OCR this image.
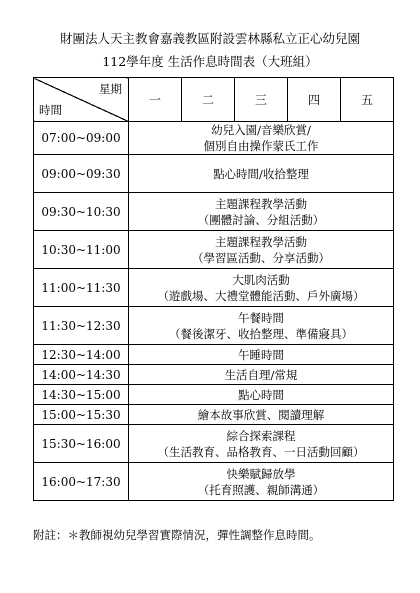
財團法人天主教會嘉義教區附設雲林縣私立正心幼兒園
112學年度 生活作息時間表（大班組）
星期
時間	一	二	三	四	五
07:00~09:00	幼兒入園/音樂欣賞/
個別自由操作蒙氏工作				

09:00~09:30	點心時間/收拾整理				

09:30~10:30	主題課程教學活動
（團體討論、分組活動）				

10:30~11:00	主題課程教學活動
（學習區活動、分享活動）				

11:00~11:30	大肌肉活動
（遊戲場、大禮堂體能活動、戶外廣場）				

11:30~12:30	午餐時間
（餐後潔牙、收拾整理、準備寢具）				

12:30~14:00	午睡時間				

14:00~14:30	生活自理/常規				

14:30~15:00	點心時間				

15:00~15:30	繪本故事欣賞、閱讀理解				

15:30~16:00	綜合探索課程
（生活教育、品格教育、一日活動回顧）				

16:00~17:30	快樂賦歸放學
（托育照護、親師溝通）				
附註：＊教師視幼兒學習實際情況，彈性調整作息時間。
